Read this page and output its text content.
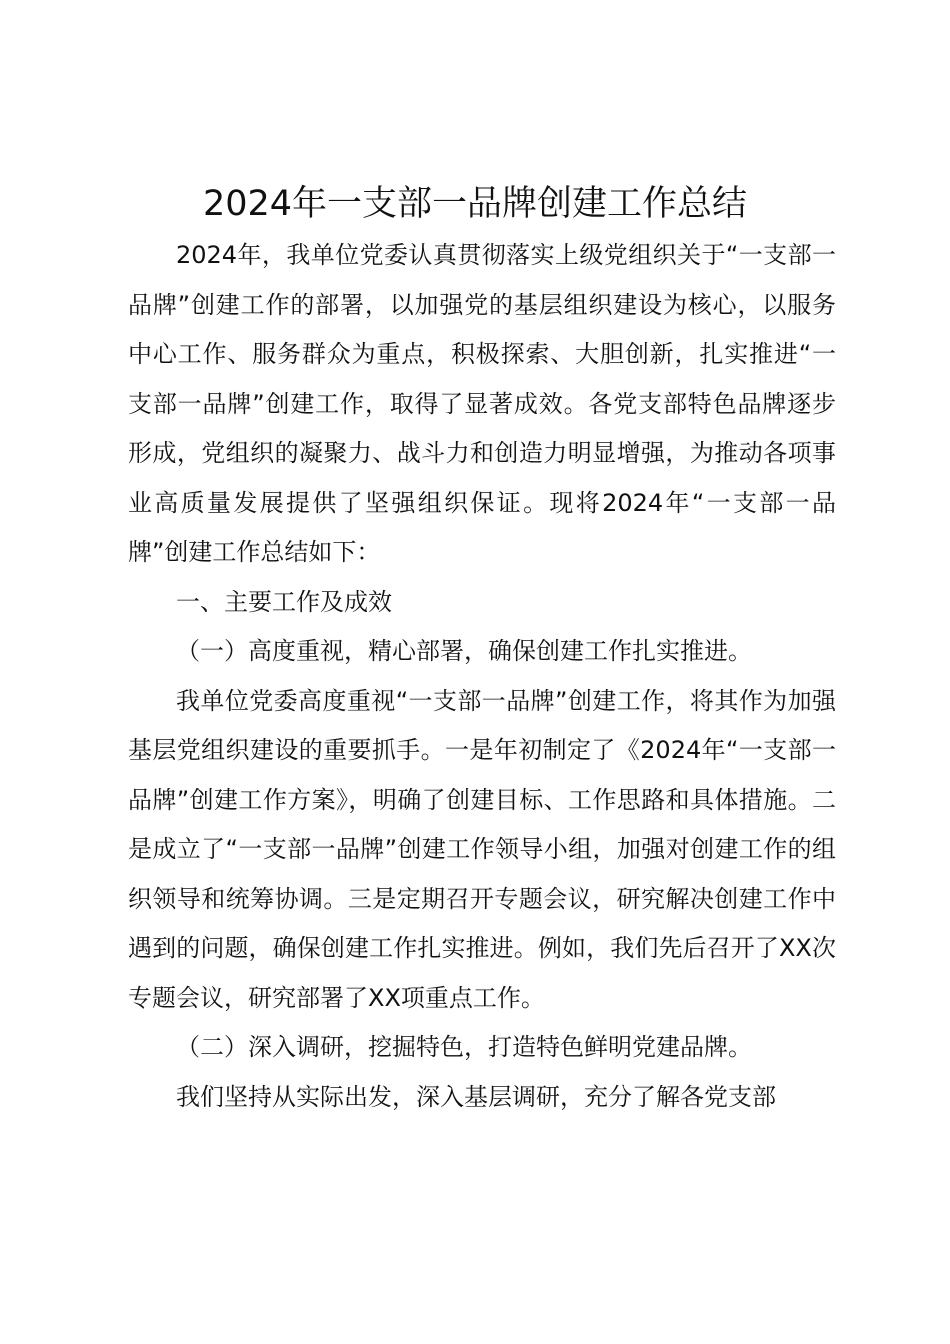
2024年一支部一品牌创建工作总结

2024年，我单位党委认真贯彻落实上级党组织关于“一支部一品牌”创建工作的部署，以加强党的基层组织建设为核心，以服务中心工作、服务群众为重点，积极探索、大胆创新，扎实推进“一支部一品牌”创建工作，取得了显著成效。各党支部特色品牌逐步形成，党组织的凝聚力、战斗力和创造力明显增强，为推动各项事业高质量发展提供了坚强组织保证。现将2024年“一支部一品牌”创建工作总结如下：

一、主要工作及成效

（一）高度重视，精心部署，确保创建工作扎实推进。

我单位党委高度重视“一支部一品牌”创建工作，将其作为加强基层党组织建设的重要抓手。一是年初制定了《2024年“一支部一品牌”创建工作方案》，明确了创建目标、工作思路和具体措施。二是成立了“一支部一品牌”创建工作领导小组，加强对创建工作的组织领导和统筹协调。三是定期召开专题会议，研究解决创建工作中遇到的问题，确保创建工作扎实推进。例如，我们先后召开了XX次专题会议，研究部署了XX项重点工作。

（二）深入调研，挖掘特色，打造特色鲜明党建品牌。

我们坚持从实际出发，深入基层调研，充分了解各党支部
